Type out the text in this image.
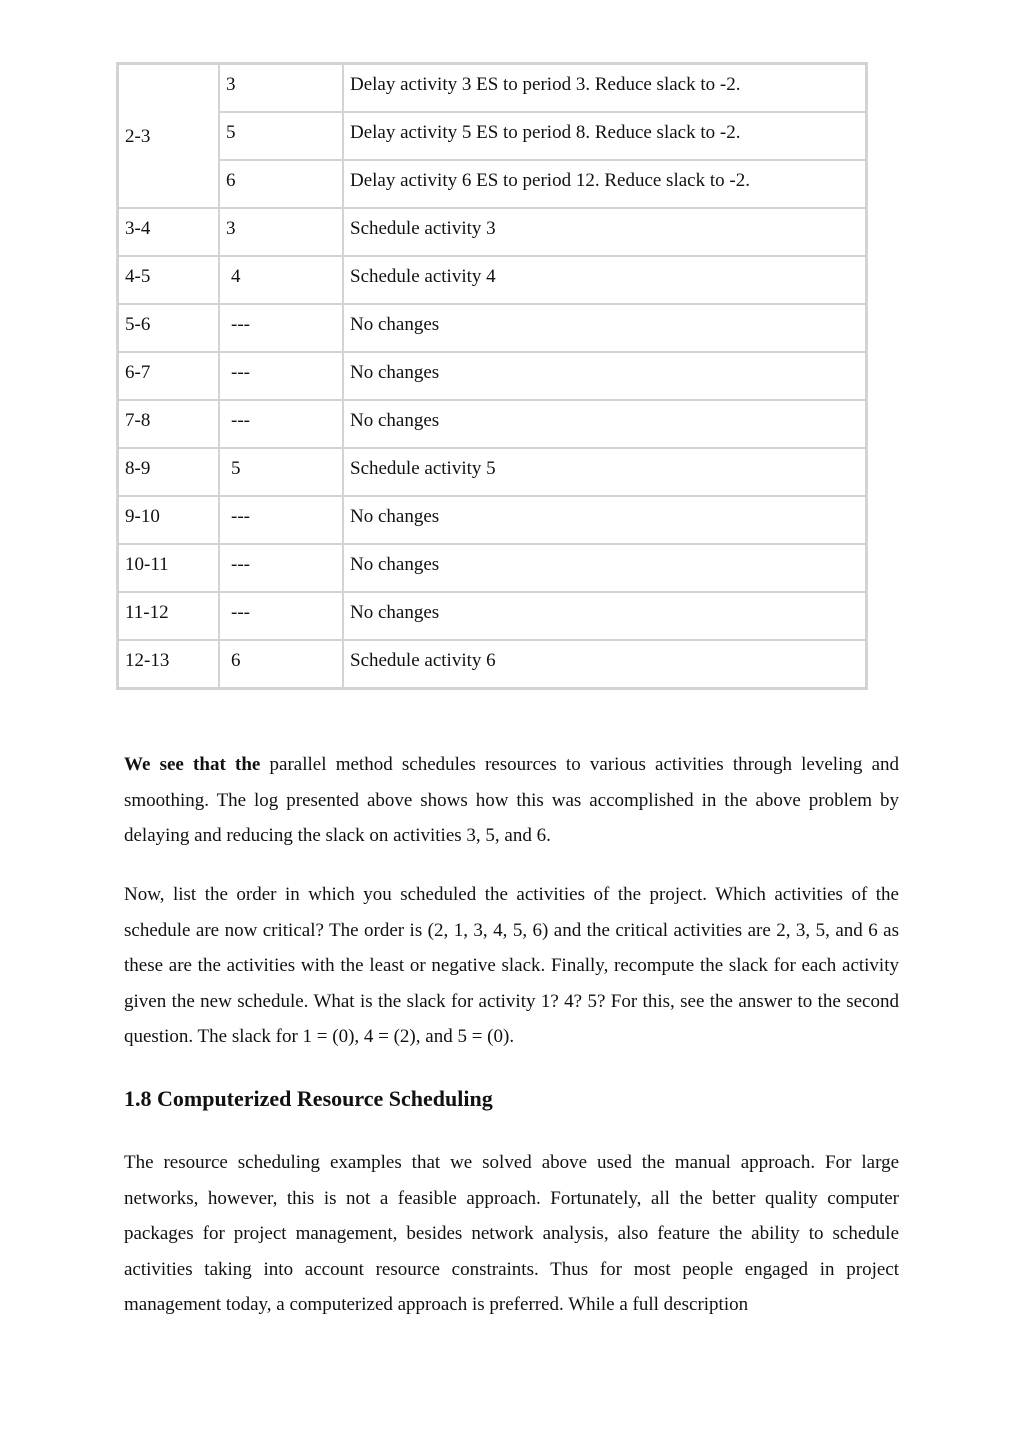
2-3	3	Delay activity 3 ES to period 3. Reduce slack to -2.

	5	Delay activity 5 ES to period 8. Reduce slack to -2.

	6	Delay activity 6 ES to period 12. Reduce slack to -2.

3-4	3	Schedule activity 3

4-5	4	Schedule activity 4

5-6	---	No changes

6-7	---	No changes

7-8	---	No changes

8-9	5	Schedule activity 5

9-10	---	No changes

10-11	---	No changes

11-12	---	No changes

12-13	6	Schedule activity 6

We see that the parallel method schedules resources to various activities through leveling and smoothing. The log presented above shows how this was accomplished in the above problem by delaying and reducing the slack on activities 3, 5, and 6.

Now, list the order in which you scheduled the activities of the project. Which activities of the schedule are now critical? The order is (2, 1, 3, 4, 5, 6) and the critical activities are 2, 3, 5, and 6 as these are the activities with the least or negative slack. Finally, recompute the slack for each activity given the new schedule. What is the slack for activity 1? 4? 5? For this, see the answer to the second question. The slack for 1 = (0), 4 = (2), and 5 = (0).

1.8 Computerized Resource Scheduling

The resource scheduling examples that we solved above used the manual approach. For large networks, however, this is not a feasible approach. Fortunately, all the better quality computer packages for project management, besides network analysis, also feature the ability to schedule activities taking into account resource constraints. Thus for most people engaged in project management today, a computerized approach is preferred. While a full description
